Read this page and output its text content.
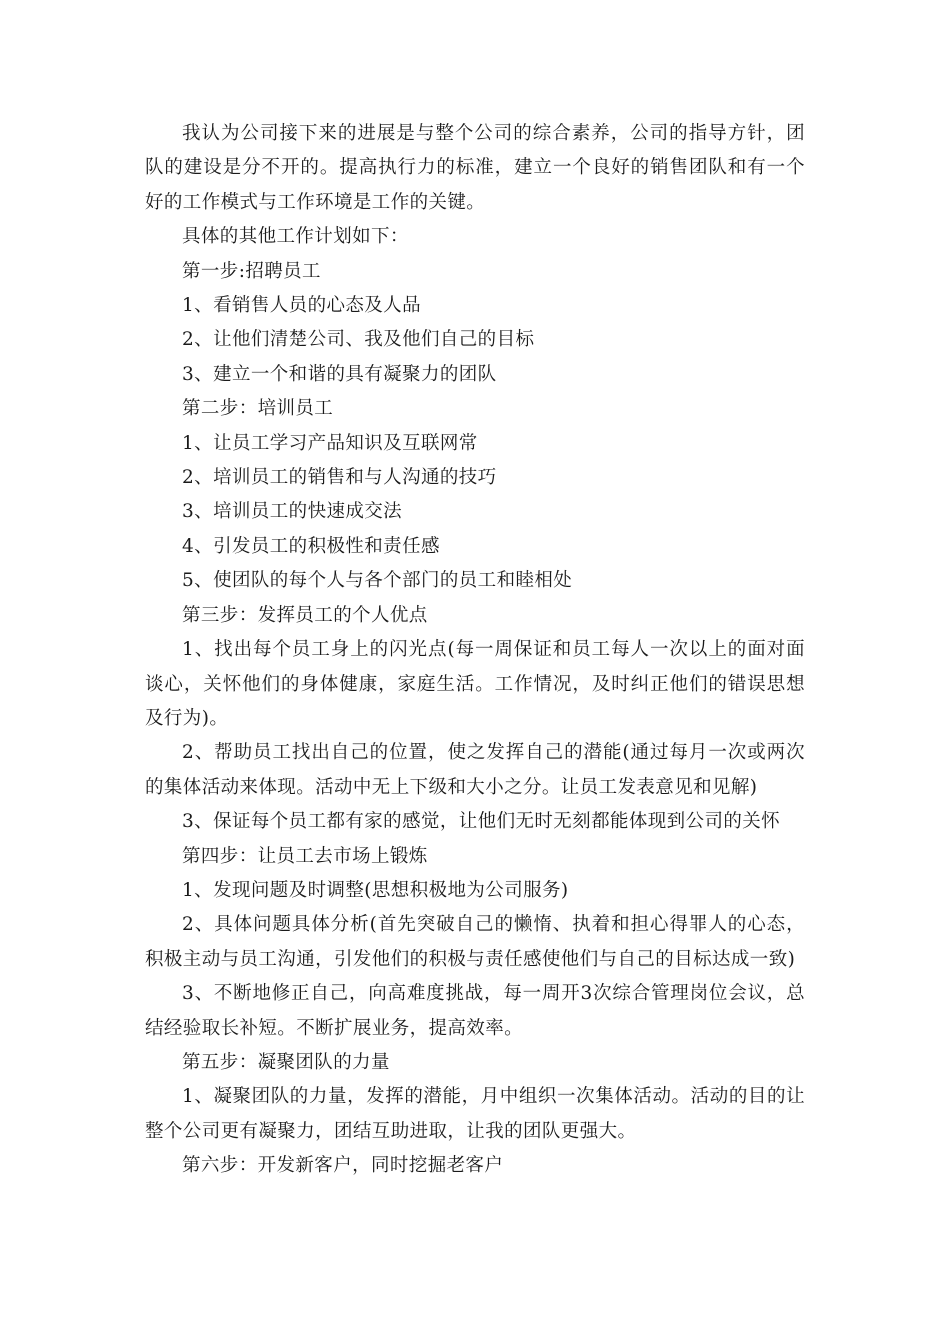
我认为公司接下来的进展是与整个公司的综合素养，公司的指导方针，团队的建设是分不开的。提高执行力的标准，建立一个良好的销售团队和有一个好的工作模式与工作环境是工作的关键。

具体的其他工作计划如下：

第一步:招聘员工

1、看销售人员的心态及人品

2、让他们清楚公司、我及他们自己的目标

3、建立一个和谐的具有凝聚力的团队

第二步：培训员工

1、让员工学习产品知识及互联网常

2、培训员工的销售和与人沟通的技巧

3、培训员工的快速成交法

4、引发员工的积极性和责任感

5、使团队的每个人与各个部门的员工和睦相处

第三步：发挥员工的个人优点

1、找出每个员工身上的闪光点(每一周保证和员工每人一次以上的面对面谈心，关怀他们的身体健康，家庭生活。工作情况，及时纠正他们的错误思想及行为)。

2、帮助员工找出自己的位置，使之发挥自己的潜能(通过每月一次或两次的集体活动来体现。活动中无上下级和大小之分。让员工发表意见和见解)

3、保证每个员工都有家的感觉，让他们无时无刻都能体现到公司的关怀

第四步：让员工去市场上锻炼

1、发现问题及时调整(思想积极地为公司服务)

2、具体问题具体分析(首先突破自己的懒惰、执着和担心得罪人的心态，积极主动与员工沟通，引发他们的积极与责任感使他们与自己的目标达成一致)

3、不断地修正自己，向高难度挑战，每一周开3次综合管理岗位会议，总结经验取长补短。不断扩展业务，提高效率。

第五步：凝聚团队的力量

1、凝聚团队的力量，发挥的潜能，月中组织一次集体活动。活动的目的让整个公司更有凝聚力，团结互助进取，让我的团队更强大。

第六步：开发新客户，同时挖掘老客户
